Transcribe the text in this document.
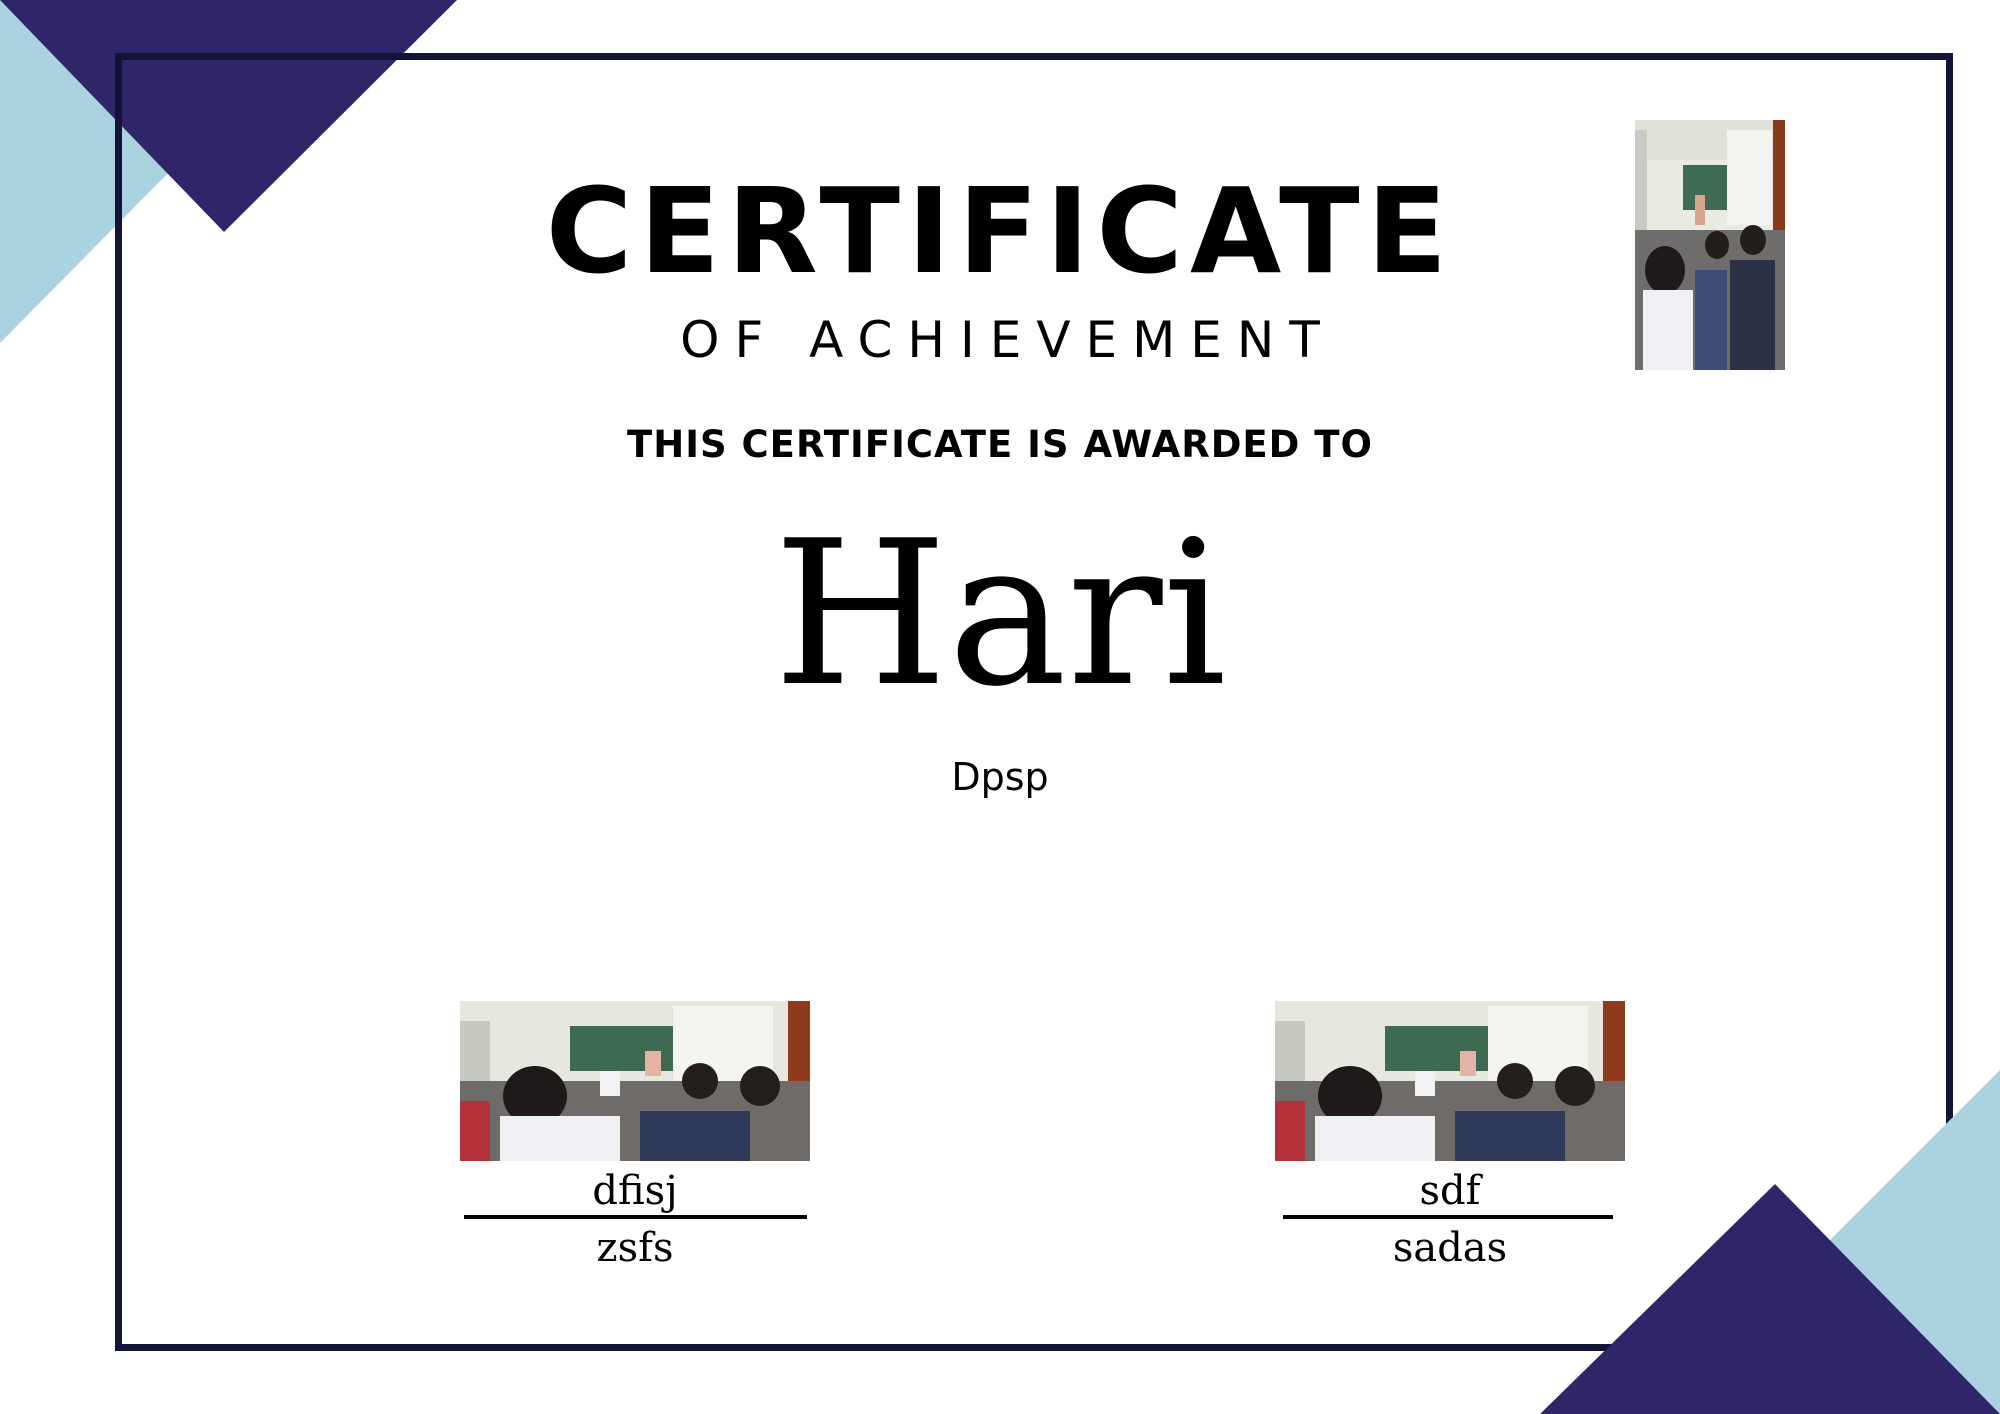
CERTIFICATE
OF ACHIEVEMENT
THIS CERTIFICATE IS AWARDED TO
Hari
Dpsp
dfisj
zsfs
sdf
sadas
